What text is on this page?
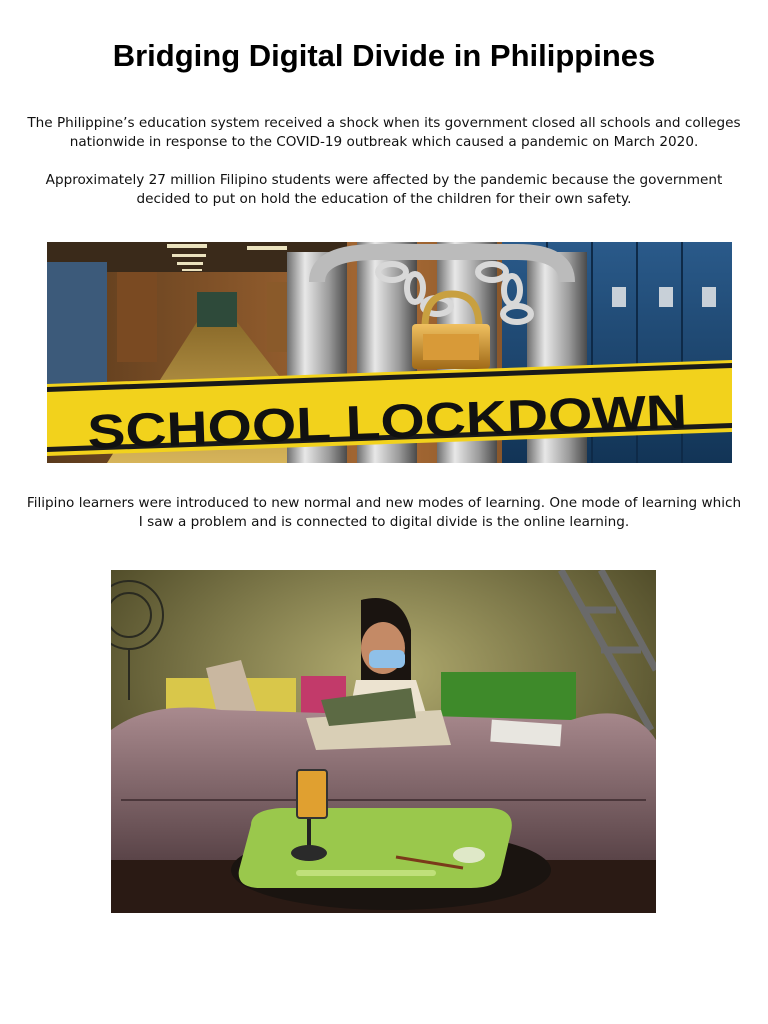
Bridging Digital Divide in Philippines

The Philippine’s education system received a shock when its government closed all schools and colleges nationwide in response to the COVID-19 outbreak which caused a pandemic on March 2020.

Approximately 27 million Filipino students were affected by the pandemic because the government decided to put on hold the education of the children for their own safety.

SCHOOL LOCKDOWN

Filipino learners were introduced to new normal and new modes of learning. One mode of learning which I saw a problem and is connected to digital divide is the online learning.
